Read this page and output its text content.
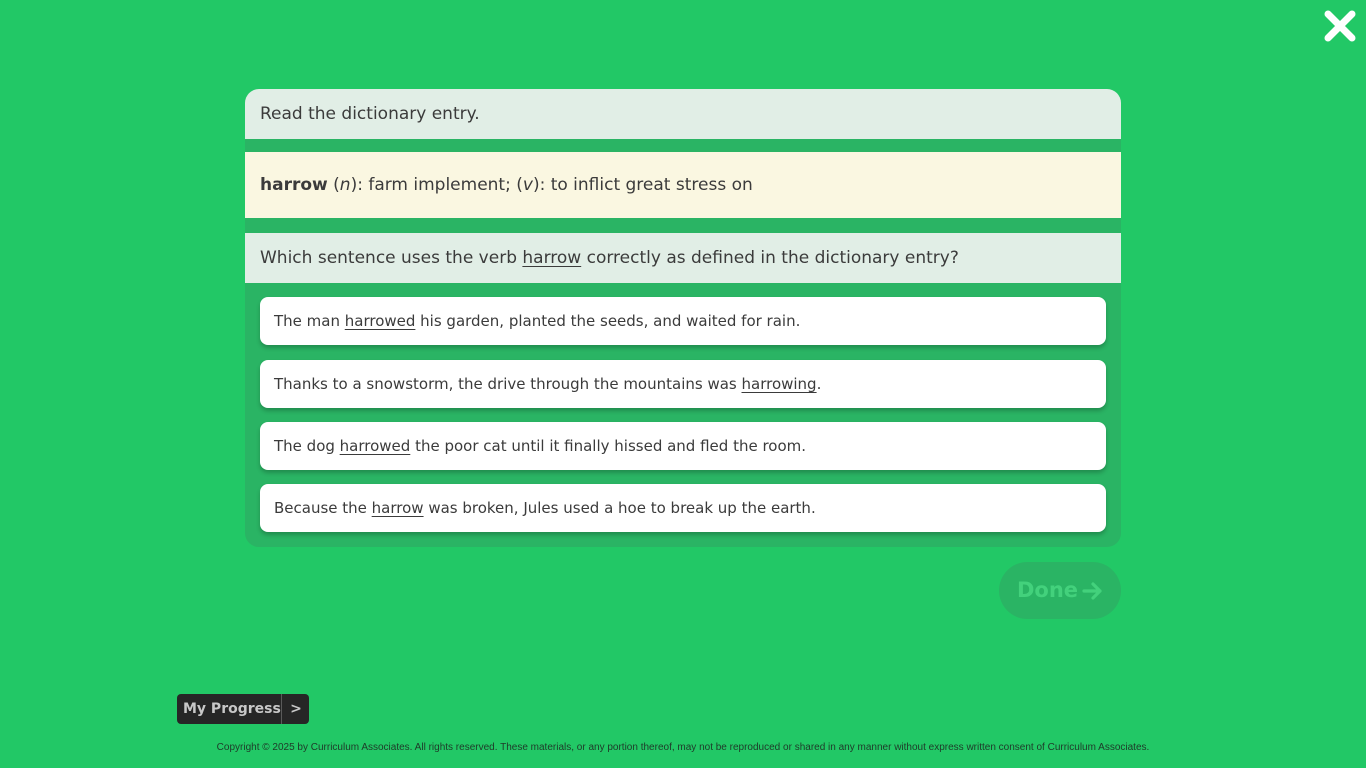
Read the dictionary entry.
harrow (n): farm implement; (v): to inflict great stress on
Which sentence uses the verb harrow correctly as defined in the dictionary entry?
The man harrowed his garden, planted the seeds, and waited for rain.
Thanks to a snowstorm, the drive through the mountains was harrowing.
The dog harrowed the poor cat until it finally hissed and fled the room.
Because the harrow was broken, Jules used a hoe to break up the earth.
Done
My Progress >
Copyright © 2025 by Curriculum Associates. All rights reserved. These materials, or any portion thereof, may not be reproduced or shared in any manner without express written consent of Curriculum Associates.
